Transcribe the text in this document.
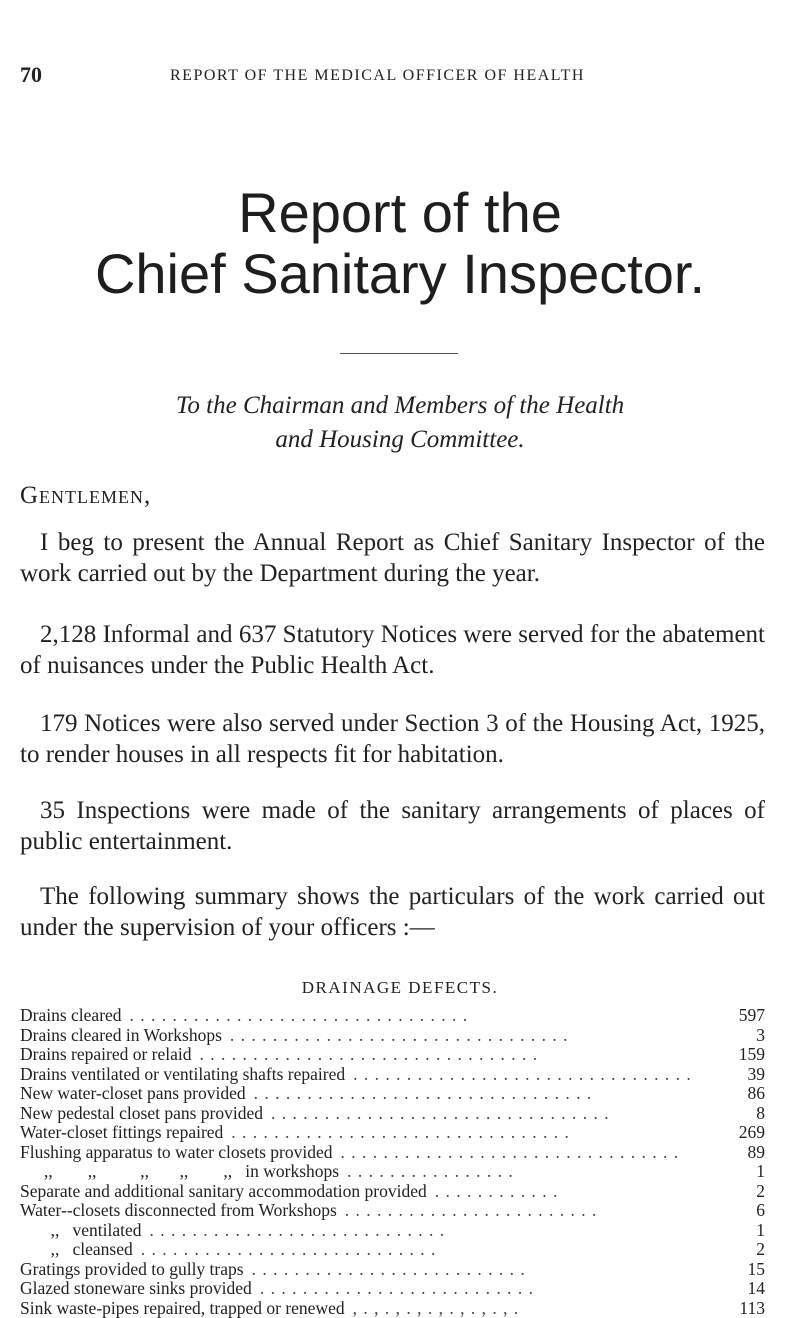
70	REPORT OF THE MEDICAL OFFICER OF HEALTH
Report of the
Chief Sanitary Inspector.
To the Chairman and Members of the Health
and Housing Committee.
Gentlemen,
I beg to present the Annual Report as Chief Sanitary Inspector of the work carried out by the Department during the year.
2,128 Informal and 637 Statutory Notices were served for the abatement of nuisances under the Public Health Act.
179 Notices were also served under Section 3 of the Housing Act, 1925, to render houses in all respects fit for habitation.
35 Inspections were made of the sanitary arrangements of places of public entertainment.
The following summary shows the particulars of the work carried out under the supervision of your officers :—
DRAINAGE DEFECTS.
Drains cleared . . . . . . . . . . . . . . . . . . . . . . . . . . . . . . . .	597
Drains cleared in Workshops . . . . . . . . . . . . . . . . . . . . . . . . . . . . . . . .	3
Drains repaired or relaid . . . . . . . . . . . . . . . . . . . . . . . . . . . . . . . .	159
Drains ventilated or ventilating shafts repaired . . . . . . . . . . . . . . . . . . . . . . . . . . . . . . . .	39
New water-closet pans provided . . . . . . . . . . . . . . . . . . . . . . . . . . . . . . . .	86
New pedestal closet pans provided . . . . . . . . . . . . . . . . . . . . . . . . . . . . . . . .	8
Water-closet fittings repaired . . . . . . . . . . . . . . . . . . . . . . . . . . . . . . . .	269
Flushing apparatus to water closets provided . . . . . . . . . . . . . . . . . . . . . . . . . . . . . . . .	89
,,        ,,          ,,       ,,        ,,   in workshops . . . . . . . . . . . . . . . .	1
Separate and additional sanitary accommodation provided . . . . . . . . . . . .	2
Water--closets disconnected from Workshops . . . . . . . . . . . . . . . . . . . . . . . .	6
,,   ventilated . . . . . . . . . . . . . . . . . . . . . . . . . . . .	1
,,   cleansed . . . . . . . . . . . . . . . . . . . . . . . . . . . .	2
Gratings provided to gully traps . . . . . . . . . . . . . . . . . . . . . . . . . .	15
Glazed stoneware sinks provided . . . . . . . . . . . . . . . . . . . . . . . . . .	14
Sink waste-pipes repaired, trapped or renewed , . , . , . , . , . , . , . , .	113
